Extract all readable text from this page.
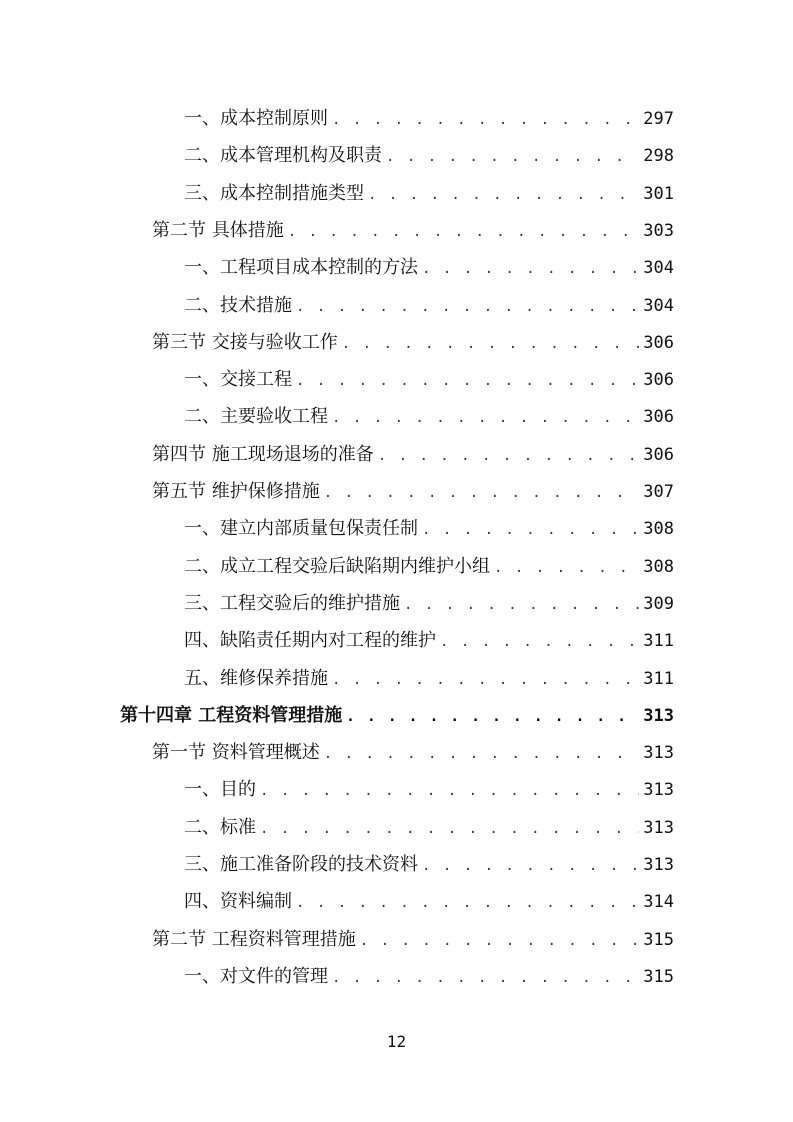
一、成本控制原则 . . .	297
二、成本管理机构及职责 . . .	298
三、成本控制措施类型 . . .	301
第二节 具体措施 . . .	303
一、工程项目成本控制的方法 . . .	304
二、技术措施 . . .	304
第三节 交接与验收工作 . . .	306
一、交接工程 . . .	306
二、主要验收工程 . . .	306
第四节 施工现场退场的准备 . . .	306
第五节 维护保修措施 . . .	307
一、建立内部质量包保责任制 . . .	308
二、成立工程交验后缺陷期内维护小组 . . .	308
三、工程交验后的维护措施 . . .	309
四、缺陷责任期内对工程的维护 . . .	311
五、维修保养措施 . . .	311
第十四章 工程资料管理措施 . . .	313
第一节 资料管理概述 . . .	313
一、目的 . . .	313
二、标准 . . .	313
三、施工准备阶段的技术资料 . . .	313
四、资料编制 . . .	314
第二节 工程资料管理措施 . . .	315
一、对文件的管理 . . .	315
12
